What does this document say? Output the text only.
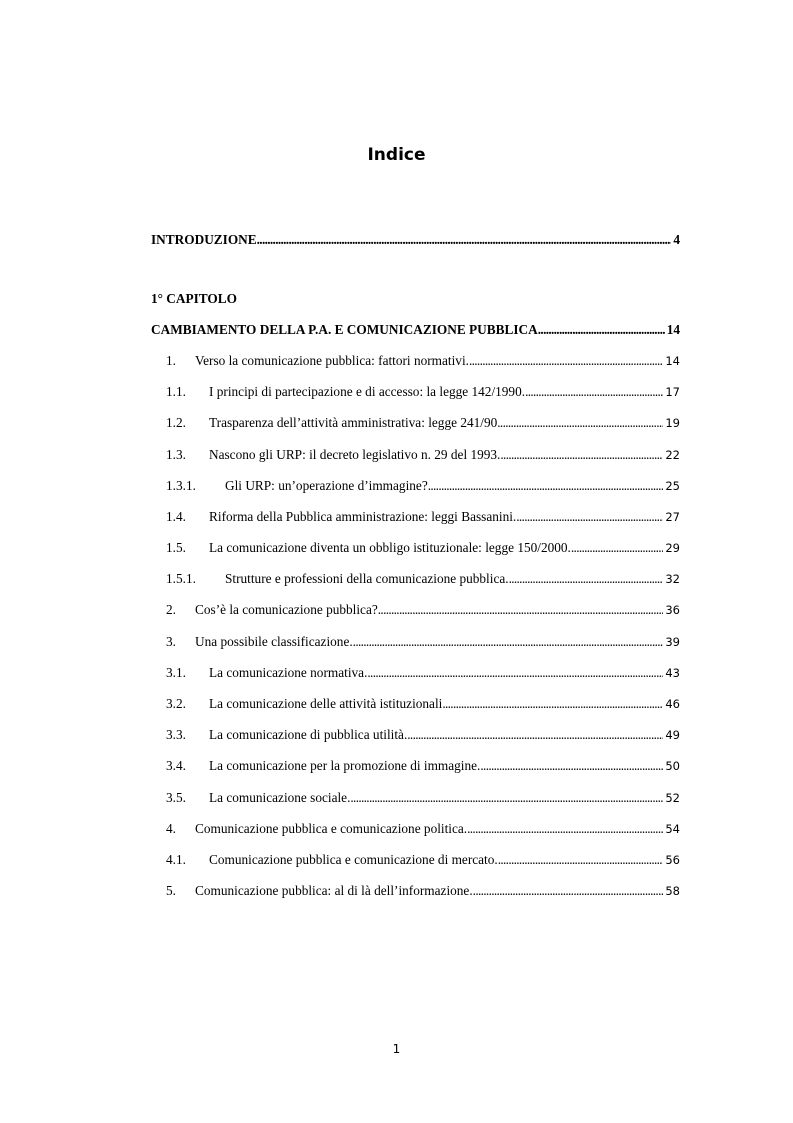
Indice
INTRODUZIONE . . .	4
1° CAPITOLO
CAMBIAMENTO DELLA P.A. E COMUNICAZIONE PUBBLICA . . .	14
1.	Verso la comunicazione pubblica: fattori normativi. . . .	14
1.1.	I principi di partecipazione e di accesso: la legge 142/1990. . . .	17
1.2.	Trasparenza dell’attività amministrativa: legge 241/90 . . .	19
1.3.	Nascono gli URP: il decreto legislativo n. 29 del 1993. . . .	22
1.3.1.	Gli URP: un’operazione d’immagine? . . .	25
1.4.	Riforma della Pubblica amministrazione: leggi Bassanini. . . .	27
1.5.	La comunicazione diventa un obbligo istituzionale: legge 150/2000. . . .	29
1.5.1.	Strutture e professioni della comunicazione pubblica. . . .	32
2.	Cos’è la comunicazione pubblica? . . .	36
3.	Una possibile classificazione. . . .	39
3.1.	La comunicazione normativa. . . .	43
3.2.	La comunicazione delle attività istituzionali . . .	46
3.3.	La comunicazione di pubblica utilità. . . .	49
3.4.	La comunicazione per la promozione di immagine. . . .	50
3.5.	La comunicazione sociale. . . .	52
4.	Comunicazione pubblica e comunicazione politica. . . .	54
4.1.	Comunicazione pubblica e comunicazione di mercato. . . .	56
5.	Comunicazione pubblica: al di là dell’informazione. . . .	58
1
